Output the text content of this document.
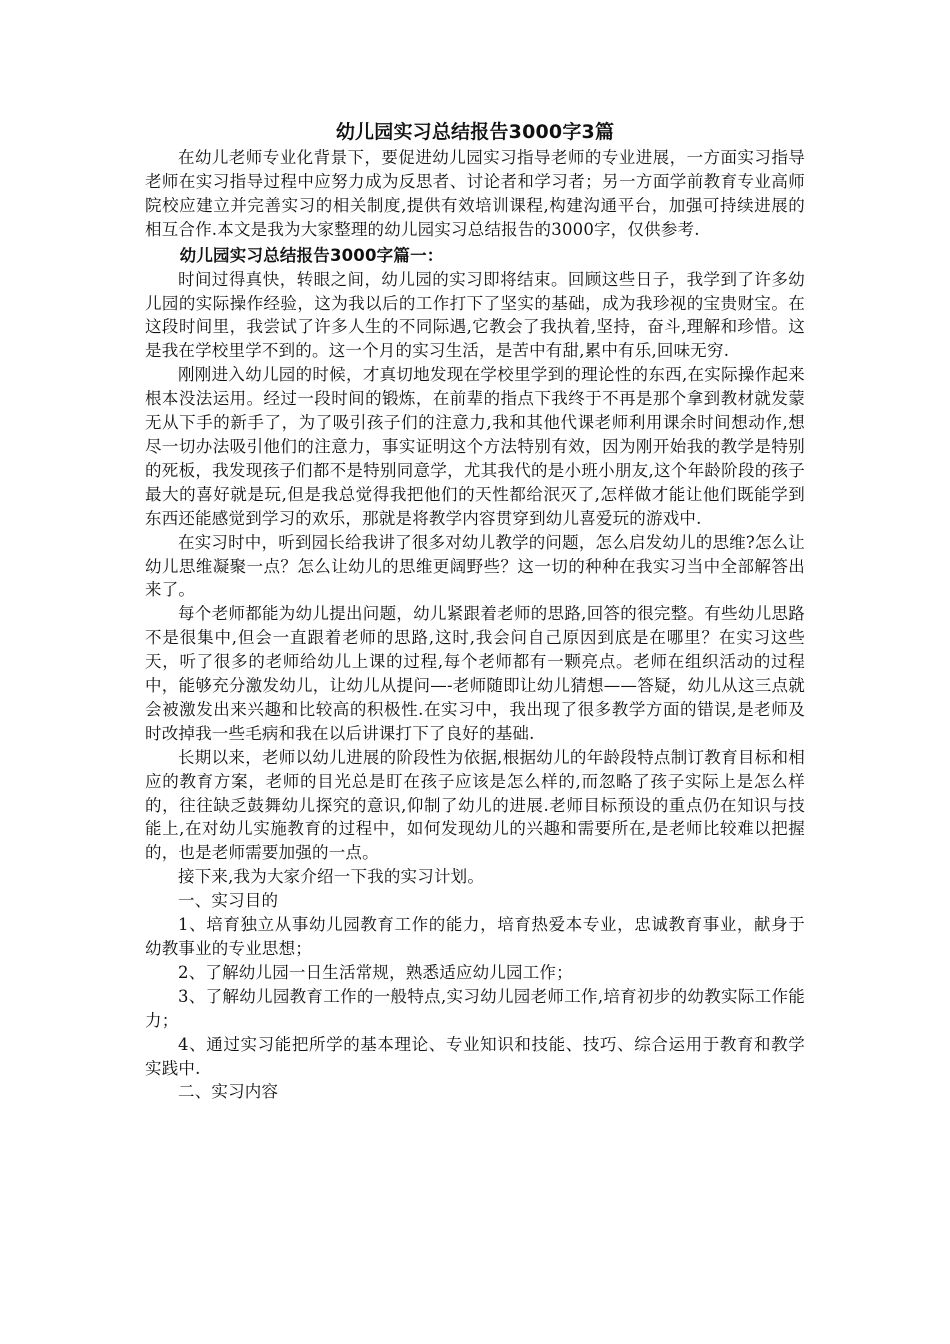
幼儿园实习总结报告3000字3篇

在幼儿老师专业化背景下，要促进幼儿园实习指导老师的专业进展，一方面实习指导老师在实习指导过程中应努力成为反思者、讨论者和学习者；另一方面学前教育专业高师院校应建立并完善实习的相关制度,提供有效培训课程,构建沟通平台，加强可持续进展的相互合作.本文是我为大家整理的幼儿园实习总结报告的3000字，仅供参考.

幼儿园实习总结报告3000字篇一：

时间过得真快，转眼之间，幼儿园的实习即将结束。回顾这些日子，我学到了许多幼儿园的实际操作经验，这为我以后的工作打下了坚实的基础，成为我珍视的宝贵财宝。在这段时间里，我尝试了许多人生的不同际遇,它教会了我执着,坚持，奋斗,理解和珍惜。这是我在学校里学不到的。这一个月的实习生活，是苦中有甜,累中有乐,回味无穷.

刚刚进入幼儿园的时候，才真切地发现在学校里学到的理论性的东西,在实际操作起来根本没法运用。经过一段时间的锻炼，在前辈的指点下我终于不再是那个拿到教材就发蒙无从下手的新手了，为了吸引孩子们的注意力,我和其他代课老师利用课余时间想动作,想尽一切办法吸引他们的注意力，事实证明这个方法特别有效，因为刚开始我的教学是特别的死板，我发现孩子们都不是特别同意学，尤其我代的是小班小朋友,这个年龄阶段的孩子最大的喜好就是玩,但是我总觉得我把他们的天性都给泯灭了,怎样做才能让他们既能学到东西还能感觉到学习的欢乐，那就是将教学内容贯穿到幼儿喜爱玩的游戏中.

在实习时中，听到园长给我讲了很多对幼儿教学的问题，怎么启发幼儿的思维?怎么让幼儿思维凝聚一点？怎么让幼儿的思维更阔野些？这一切的种种在我实习当中全部解答出来了。

每个老师都能为幼儿提出问题，幼儿紧跟着老师的思路,回答的很完整。有些幼儿思路不是很集中,但会一直跟着老师的思路,这时,我会问自己原因到底是在哪里？在实习这些天，听了很多的老师给幼儿上课的过程,每个老师都有一颗亮点。老师在组织活动的过程中，能够充分激发幼儿，让幼儿从提问—-老师随即让幼儿猜想——答疑，幼儿从这三点就会被激发出来兴趣和比较高的积极性.在实习中，我出现了很多教学方面的错误,是老师及时改掉我一些毛病和我在以后讲课打下了良好的基础.

长期以来，老师以幼儿进展的阶段性为依据,根据幼儿的年龄段特点制订教育目标和相应的教育方案，老师的目光总是盯在孩子应该是怎么样的,而忽略了孩子实际上是怎么样的，往往缺乏鼓舞幼儿探究的意识,仰制了幼儿的进展.老师目标预设的重点仍在知识与技能上,在对幼儿实施教育的过程中，如何发现幼儿的兴趣和需要所在,是老师比较难以把握的，也是老师需要加强的一点。

接下来,我为大家介绍一下我的实习计划。

一、实习目的

1、培育独立从事幼儿园教育工作的能力，培育热爱本专业，忠诚教育事业，献身于幼教事业的专业思想；

2、了解幼儿园一日生活常规，熟悉适应幼儿园工作；

3、了解幼儿园教育工作的一般特点,实习幼儿园老师工作,培育初步的幼教实际工作能力；

4、通过实习能把所学的基本理论、专业知识和技能、技巧、综合运用于教育和教学实践中.

二、实习内容
